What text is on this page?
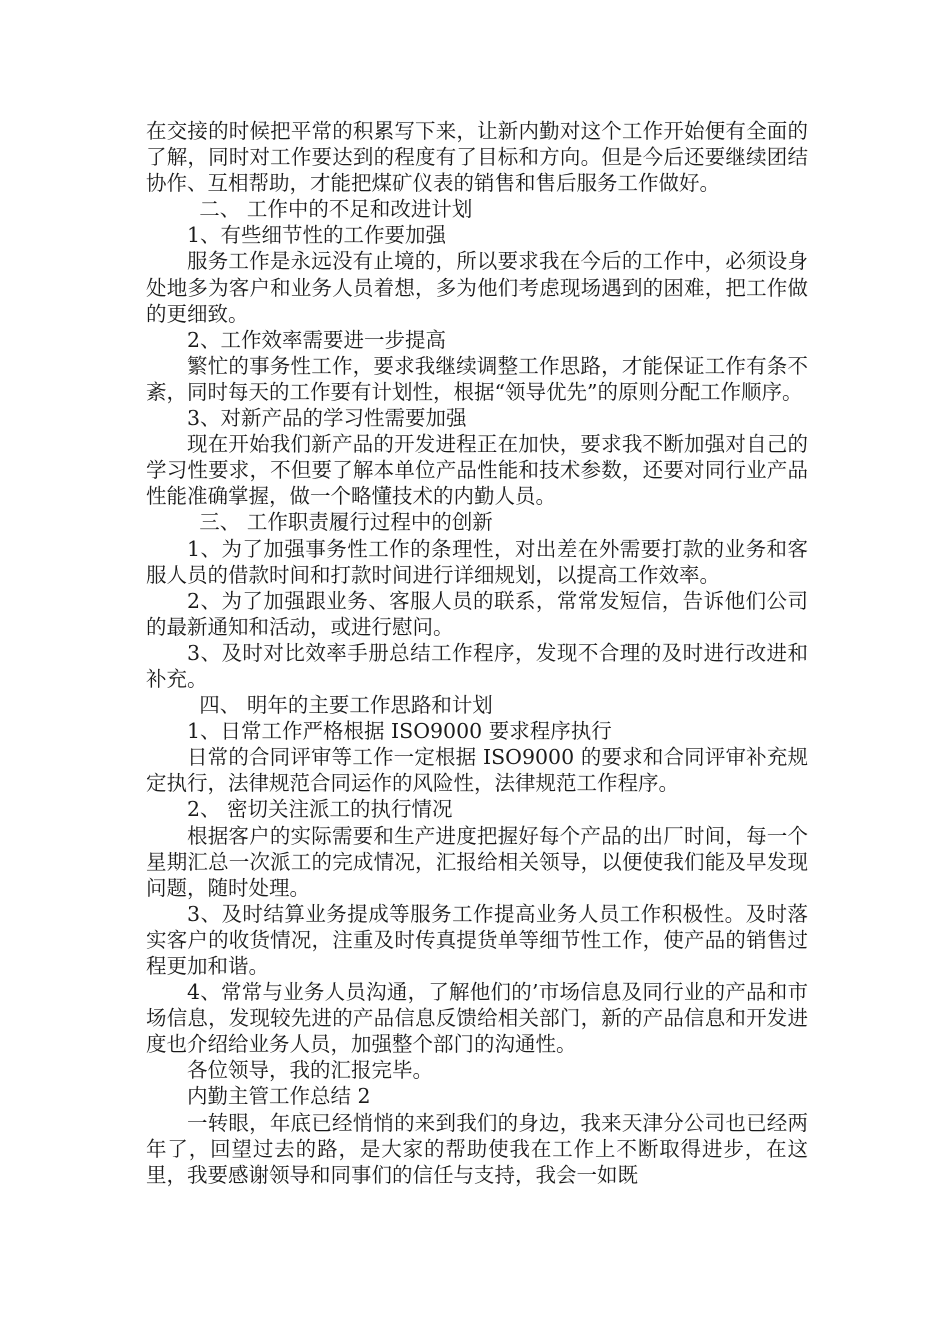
在交接的时候把平常的积累写下来，让新内勤对这个工作开始便有全面的了解，同时对工作要达到的程度有了目标和方向。但是今后还要继续团结协作、互相帮助，才能把煤矿仪表的销售和售后服务工作做好。

二、 工作中的不足和改进计划

1、有些细节性的工作要加强

服务工作是永远没有止境的，所以要求我在今后的工作中，必须设身处地多为客户和业务人员着想，多为他们考虑现场遇到的困难，把工作做的更细致。

2、工作效率需要进一步提高

繁忙的事务性工作，要求我继续调整工作思路，才能保证工作有条不紊，同时每天的工作要有计划性，根据“领导优先”的原则分配工作顺序。

3、对新产品的学习性需要加强

现在开始我们新产品的开发进程正在加快，要求我不断加强对自己的学习性要求，不但要了解本单位产品性能和技术参数，还要对同行业产品性能准确掌握，做一个略懂技术的内勤人员。

三、 工作职责履行过程中的创新

1、为了加强事务性工作的条理性，对出差在外需要打款的业务和客服人员的借款时间和打款时间进行详细规划，以提高工作效率。

2、为了加强跟业务、客服人员的联系，常常发短信，告诉他们公司的最新通知和活动，或进行慰问。

3、及时对比效率手册总结工作程序，发现不合理的及时进行改进和补充。

四、 明年的主要工作思路和计划

1、日常工作严格根据 ISO9000 要求程序执行

日常的合同评审等工作一定根据 ISO9000 的要求和合同评审补充规定执行，法律规范合同运作的风险性，法律规范工作程序。

2、 密切关注派工的执行情况

根据客户的实际需要和生产进度把握好每个产品的出厂时间，每一个星期汇总一次派工的完成情况，汇报给相关领导，以便使我们能及早发现问题，随时处理。

3、及时结算业务提成等服务工作提高业务人员工作积极性。及时落实客户的收货情况，注重及时传真提货单等细节性工作，使产品的销售过程更加和谐。

4、常常与业务人员沟通，了解他们的’市场信息及同行业的产品和市场信息，发现较先进的产品信息反馈给相关部门，新的产品信息和开发进度也介绍给业务人员，加强整个部门的沟通性。

各位领导，我的汇报完毕。

内勤主管工作总结 2

一转眼，年底已经悄悄的来到我们的身边，我来天津分公司也已经两年了，回望过去的路，是大家的帮助使我在工作上不断取得进步，在这里，我要感谢领导和同事们的信任与支持，我会一如既
